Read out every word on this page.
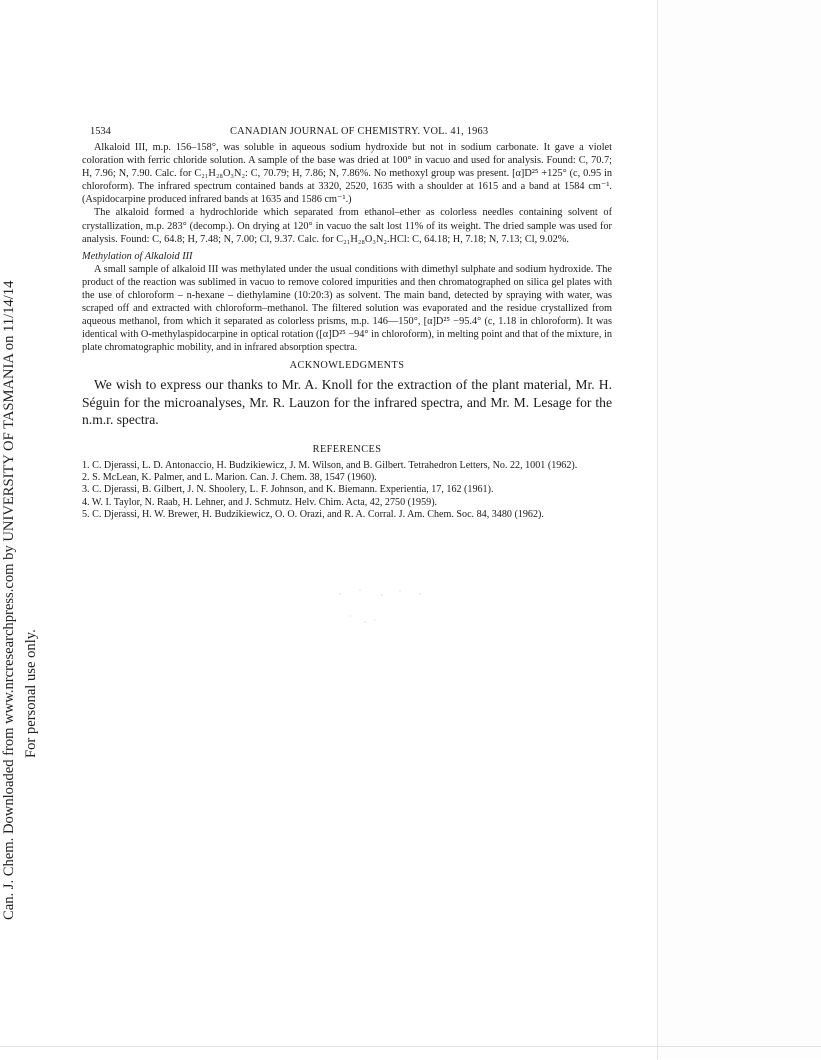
Can. J. Chem. Downloaded from www.nrcresearchpress.com by UNIVERSITY OF TASMANIA on 11/14/14 For personal use only.
1534	CANADIAN JOURNAL OF CHEMISTRY. VOL. 41, 1963

Alkaloid III, m.p. 156–158°, was soluble in aqueous sodium hydroxide but not in sodium carbonate. It gave a violet coloration with ferric chloride solution. A sample of the base was dried at 100° in vacuo and used for analysis. Found: C, 70.7; H, 7.96; N, 7.90. Calc. for C₂₁H₂₈O₃N₂: C, 70.79; H, 7.86; N, 7.86%. No methoxyl group was present. [α]D²⁵ +125° (c, 0.95 in chloroform). The infrared spectrum contained bands at 3320, 2520, 1635 with a shoulder at 1615 and a band at 1584 cm⁻¹. (Aspidocarpine produced infrared bands at 1635 and 1586 cm⁻¹.)

The alkaloid formed a hydrochloride which separated from ethanol–ether as colorless needles containing solvent of crystallization, m.p. 283° (decomp.). On drying at 120° in vacuo the salt lost 11% of its weight. The dried sample was used for analysis. Found: C, 64.8; H, 7.48; N, 7.00; Cl, 9.37. Calc. for C₂₁H₂₈O₃N₂.HCl: C, 64.18; H, 7.18; N, 7.13; Cl, 9.02%.

Methylation of Alkaloid III

A small sample of alkaloid III was methylated under the usual conditions with dimethyl sulphate and sodium hydroxide. The product of the reaction was sublimed in vacuo to remove colored impurities and then chromatographed on silica gel plates with the use of chloroform – n-hexane – diethylamine (10:20:3) as solvent. The main band, detected by spraying with water, was scraped off and extracted with chloroform–methanol. The filtered solution was evaporated and the residue crystallized from aqueous methanol, from which it separated as colorless prisms, m.p. 146—150°, [α]D²⁵ −95.4° (c, 1.18 in chloroform). It was identical with O-methylaspidocarpine in optical rotation ([α]D²⁵ −94° in chloroform), in melting point and that of the mixture, in plate chromatographic mobility, and in infrared absorption spectra.

ACKNOWLEDGMENTS

We wish to express our thanks to Mr. A. Knoll for the extraction of the plant material, Mr. H. Séguin for the microanalyses, Mr. R. Lauzon for the infrared spectra, and Mr. M. Lesage for the n.m.r. spectra.

REFERENCES
1. C. Djerassi, L. D. Antonaccio, H. Budzikiewicz, J. M. Wilson, and B. Gilbert. Tetrahedron Letters, No. 22, 1001 (1962).
2. S. McLean, K. Palmer, and L. Marion. Can. J. Chem. 38, 1547 (1960).
3. C. Djerassi, B. Gilbert, J. N. Shoolery, L. F. Johnson, and K. Biemann. Experientia, 17, 162 (1961).
4. W. I. Taylor, N. Raab, H. Lehner, and J. Schmutz. Helv. Chim. Acta, 42, 2750 (1959).
5. C. Djerassi, H. W. Brewer, H. Budzikiewicz, O. O. Orazi, and R. A. Corral. J. Am. Chem. Soc. 84, 3480 (1962).
